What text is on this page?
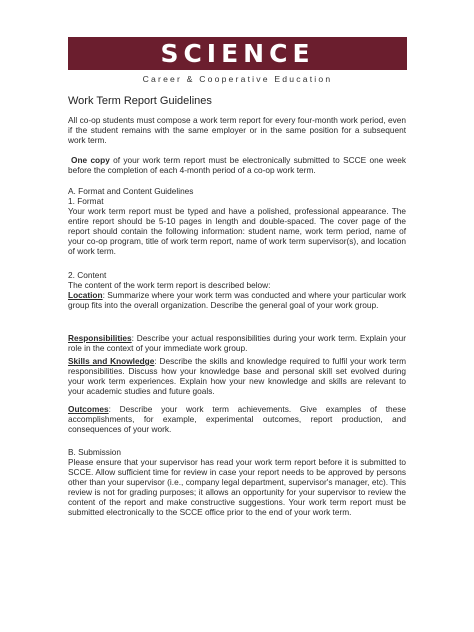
SCIENCE
Career & Cooperative Education
Work Term Report Guidelines
All co-op students must compose a work term report for every four-month work period, even if the student remains with the same employer or in the same position for a subsequent work term.
One copy of your work term report must be electronically submitted to SCCE one week before the completion of each 4-month period of a co-op work term.
A. Format and Content Guidelines
1. Format
Your work term report must be typed and have a polished, professional appearance. The entire report should be 5-10 pages in length and double-spaced. The cover page of the report should contain the following information: student name, work term period, name of your co-op program, title of work term report, name of work term supervisor(s), and location of work term.
2. Content
The content of the work term report is described below:
Location: Summarize where your work term was conducted and where your particular work group fits into the overall organization. Describe the general goal of your work group.
Responsibilities: Describe your actual responsibilities during your work term. Explain your role in the context of your immediate work group.
Skills and Knowledge: Describe the skills and knowledge required to fulfil your work term responsibilities. Discuss how your knowledge base and personal skill set evolved during your work term experiences. Explain how your new knowledge and skills are relevant to your academic studies and future goals.
Outcomes: Describe your work term achievements. Give examples of these accomplishments, for example, experimental outcomes, report production, and consequences of your work.
B. Submission
Please ensure that your supervisor has read your work term report before it is submitted to SCCE. Allow sufficient time for review in case your report needs to be approved by persons other than your supervisor (i.e., company legal department, supervisor's manager, etc). This review is not for grading purposes; it allows an opportunity for your supervisor to review the content of the report and make constructive suggestions. Your work term report must be submitted electronically to the SCCE office prior to the end of your work term.
